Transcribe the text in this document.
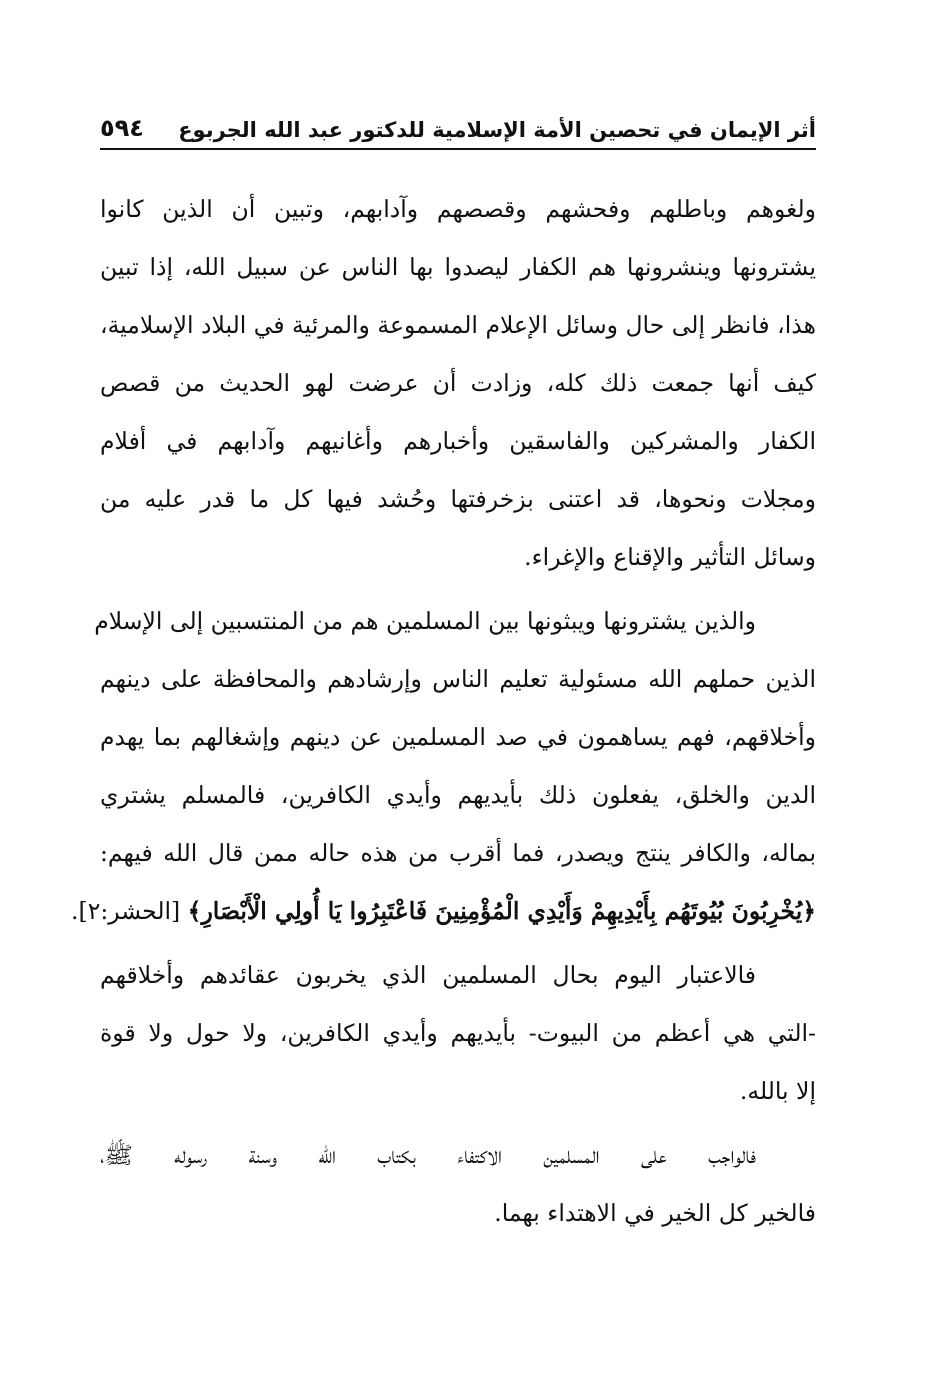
أثر الإيمان في تحصين الأمة الإسلامية للدكتور عبد الله الجربوع
٥٩٤
ولغوهم وباطلهم وفحشهم وقصصهم وآدابهم، وتبين أن الذين كانوا
يشترونها وينشرونها هم الكفار ليصدوا بها الناس عن سبيل الله، إذا تبين
هذا، فانظر إلى حال وسائل الإعلام المسموعة والمرئية في البلاد الإسلامية،
كيف أنها جمعت ذلك كله، وزادت أن عرضت لهو الحديث من قصص
الكفار والمشركين والفاسقين وأخبارهم وأغانيهم وآدابهم في أفلام
ومجلات ونحوها، قد اعتنى بزخرفتها وحُشد فيها كل ما قدر عليه من
وسائل التأثير والإقناع والإغراء.
والذين يشترونها ويبثونها بين المسلمين هم من المنتسبين إلى الإسلام
الذين حملهم الله مسئولية تعليم الناس وإرشادهم والمحافظة على دينهم
وأخلاقهم، فهم يساهمون في صد المسلمين عن دينهم وإشغالهم بما يهدم
الدين والخلق، يفعلون ذلك بأيديهم وأيدي الكافرين، فالمسلم يشتري
بماله، والكافر ينتج ويصدر، فما أقرب من هذه حاله ممن قال الله فيهم:
﴿يُخْرِبُونَ بُيُوتَهُم بِأَيْدِيهِمْ وَأَيْدِي الْمُؤْمِنِينَ فَاعْتَبِرُوا يَا أُولِي الْأَبْصَارِ﴾ [الحشر:٢].
فالاعتبار اليوم بحال المسلمين الذي يخربون عقائدهم وأخلاقهم
-التي هي أعظم من البيوت- بأيديهم وأيدي الكافرين، ولا حول ولا قوة
إلا بالله.
فالواجب على المسلمين الاكتفاء بكتاب الله وسنة رسوله ﷺ،
فالخير كل الخير في الاهتداء بهما.
